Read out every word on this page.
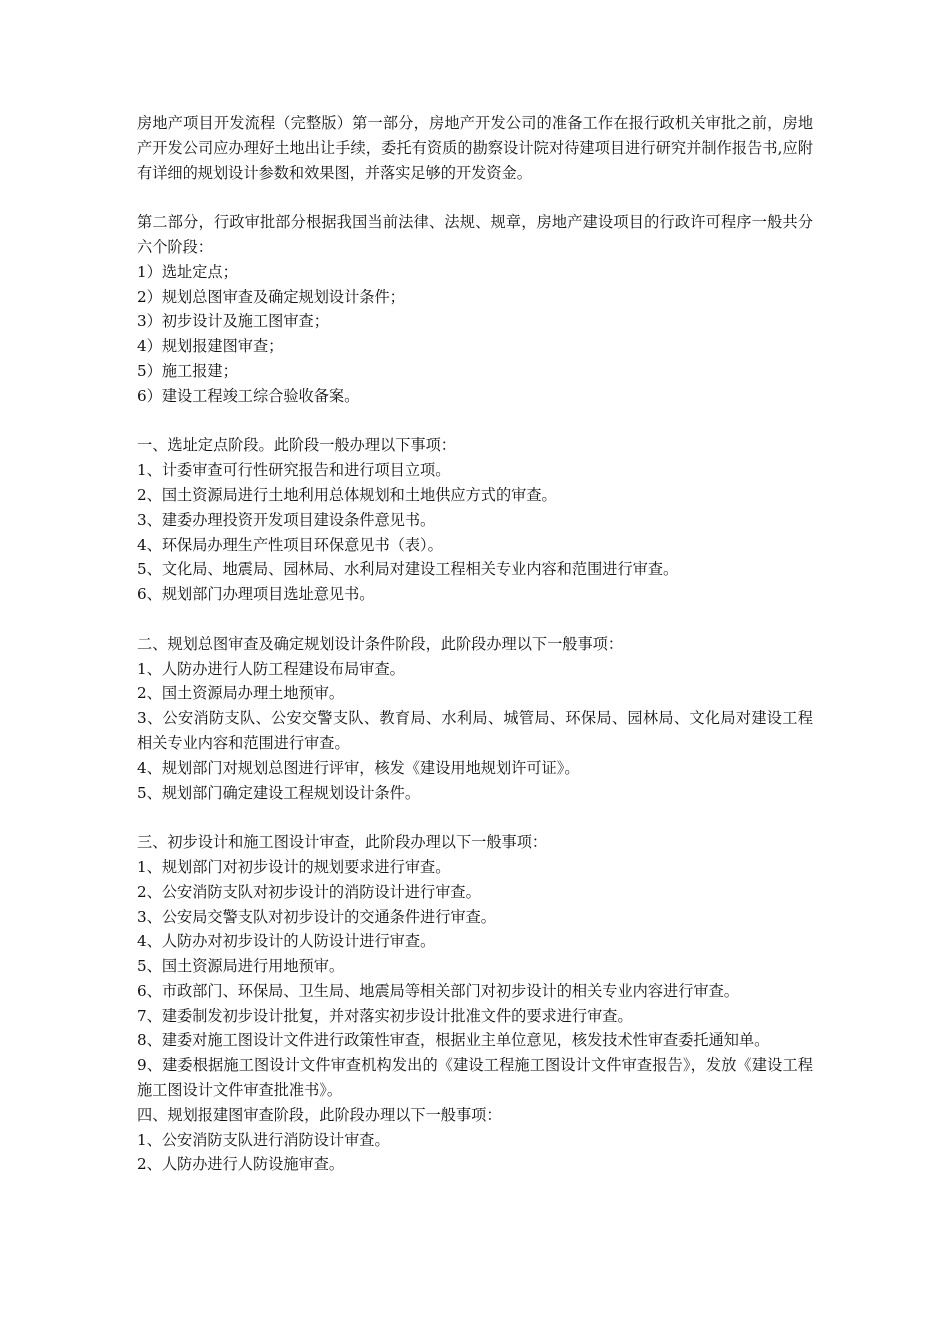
房地产项目开发流程（完整版）第一部分，房地产开发公司的准备工作在报行政机关审批之前，房地产开发公司应办理好土地出让手续，委托有资质的勘察设计院对待建项目进行研究并制作报告书,应附有详细的规划设计参数和效果图，并落实足够的开发资金。

第二部分，行政审批部分根据我国当前法律、法规、规章，房地产建设项目的行政许可程序一般共分六个阶段：

1）选址定点；

2）规划总图审查及确定规划设计条件；

3）初步设计及施工图审查；

4）规划报建图审查；

5）施工报建；

6）建设工程竣工综合验收备案。

一、选址定点阶段。此阶段一般办理以下事项：

1、计委审查可行性研究报告和进行项目立项。

2、国土资源局进行土地利用总体规划和土地供应方式的审查。

3、建委办理投资开发项目建设条件意见书。

4、环保局办理生产性项目环保意见书（表）。

5、文化局、地震局、园林局、水利局对建设工程相关专业内容和范围进行审查。

6、规划部门办理项目选址意见书。

二、规划总图审查及确定规划设计条件阶段，此阶段办理以下一般事项：

1、人防办进行人防工程建设布局审查。

2、国土资源局办理土地预审。

3、公安消防支队、公安交警支队、教育局、水利局、城管局、环保局、园林局、文化局对建设工程相关专业内容和范围进行审查。

4、规划部门对规划总图进行评审，核发《建设用地规划许可证》。

5、规划部门确定建设工程规划设计条件。

三、初步设计和施工图设计审查，此阶段办理以下一般事项：

1、规划部门对初步设计的规划要求进行审查。

2、公安消防支队对初步设计的消防设计进行审查。

3、公安局交警支队对初步设计的交通条件进行审查。

4、人防办对初步设计的人防设计进行审查。

5、国土资源局进行用地预审。

6、市政部门、环保局、卫生局、地震局等相关部门对初步设计的相关专业内容进行审查。

7、建委制发初步设计批复，并对落实初步设计批准文件的要求进行审查。

8、建委对施工图设计文件进行政策性审查，根据业主单位意见，核发技术性审查委托通知单。

9、建委根据施工图设计文件审查机构发出的《建设工程施工图设计文件审查报告》，发放《建设工程施工图设计文件审查批准书》。

四、规划报建图审查阶段，此阶段办理以下一般事项：

1、公安消防支队进行消防设计审查。

2、人防办进行人防设施审查。
